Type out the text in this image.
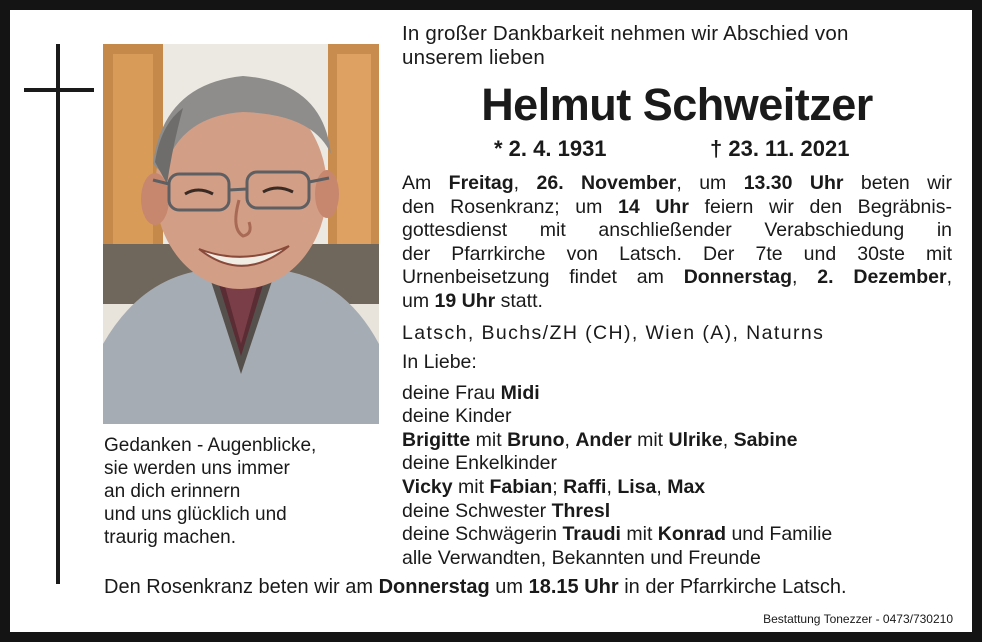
Gedanken - Augenblicke,
sie werden uns immer
an dich erinnern
und uns glücklich und
traurig machen.
In großer Dankbarkeit nehmen wir Abschied von
unserem lieben
Helmut Schweitzer
* 2. 4. 1931	† 23. 11. 2021
Am Freitag, 26. November, um 13.30 Uhr beten wir
den Rosenkranz; um 14 Uhr feiern wir den Begräbnis-
gottesdienst mit anschließender Verabschiedung in
der Pfarrkirche von Latsch. Der 7te und 30ste mit
Urnenbeisetzung findet am Donnerstag, 2. Dezember,
um 19 Uhr statt.
Latsch, Buchs/ZH (CH), Wien (A), Naturns
In Liebe:
deine Frau Midi
deine Kinder
Brigitte mit Bruno, Ander mit Ulrike, Sabine
deine Enkelkinder
Vicky mit Fabian; Raffi, Lisa, Max
deine Schwester Thresl
deine Schwägerin Traudi mit Konrad und Familie
alle Verwandten, Bekannten und Freunde
Den Rosenkranz beten wir am Donnerstag um 18.15 Uhr in der Pfarrkirche Latsch.
Bestattung Tonezzer - 0473/730210
